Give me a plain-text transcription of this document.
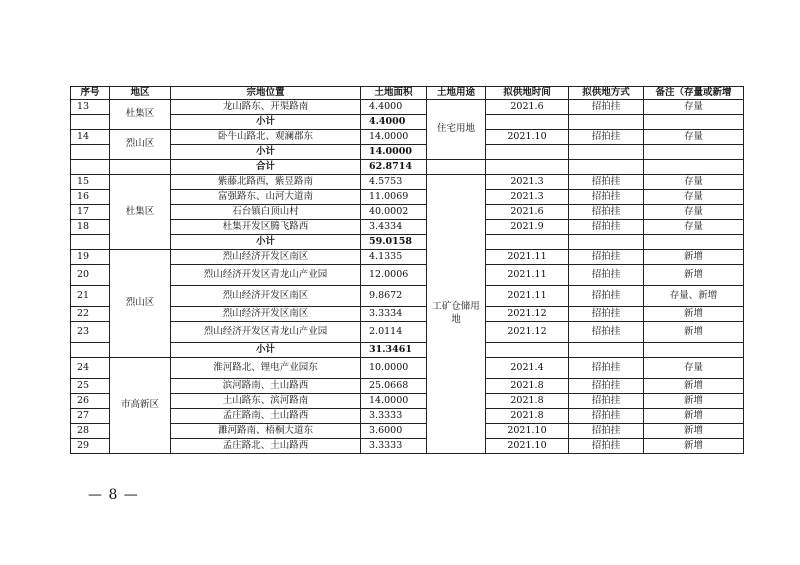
序号	地区	宗地位置	土地面积	土地用途	拟供地时间	拟供地方式	备注（存量或新增
13	杜集区	龙山路东、开渠路南	4.4000	住宅用地	2021.6	招拍挂	存量
		小计	4.4000				
14	烈山区	卧牛山路北、观澜郡东	14.0000		2021.10	招拍挂	存量
		小计	14.0000				
		合计	62.8714				
15	杜集区	紫藤北路西，紫昱路南	4.5753	工矿仓储用地	2021.3	招拍挂	存量
16		富强路东、山河大道南	11.0069		2021.3	招拍挂	存量
17		石台镇白顶山村	40.0002		2021.6	招拍挂	存量
18		杜集开发区腾飞路西	3.4334		2021.9	招拍挂	存量
		小计	59.0158				
19	烈山区	烈山经济开发区南区	4.1335		2021.11	招拍挂	新增
20		烈山经济开发区青龙山产业园	12.0006		2021.11	招拍挂	新增
21		烈山经济开发区南区	9.8672		2021.11	招拍挂	存量、新增
22		烈山经济开发区南区	3.3334		2021.12	招拍挂	新增
23		烈山经济开发区青龙山产业园	2.0114		2021.12	招拍挂	新增
		小计	31.3461				
24	市高新区	淮河路北、锂电产业园东	10.0000		2021.4	招拍挂	存量
25		滨河路南、土山路西	25.0668		2021.8	招拍挂	新增
26		土山路东、滨河路南	14.0000		2021.8	招拍挂	新增
27		孟庄路南、土山路西	3.3333		2021.8	招拍挂	新增
28		濉河路南、梧桐大道东	3.6000		2021.10	招拍挂	新增
29		孟庄路北、土山路西	3.3333		2021.10	招拍挂	新增
— 8 —
